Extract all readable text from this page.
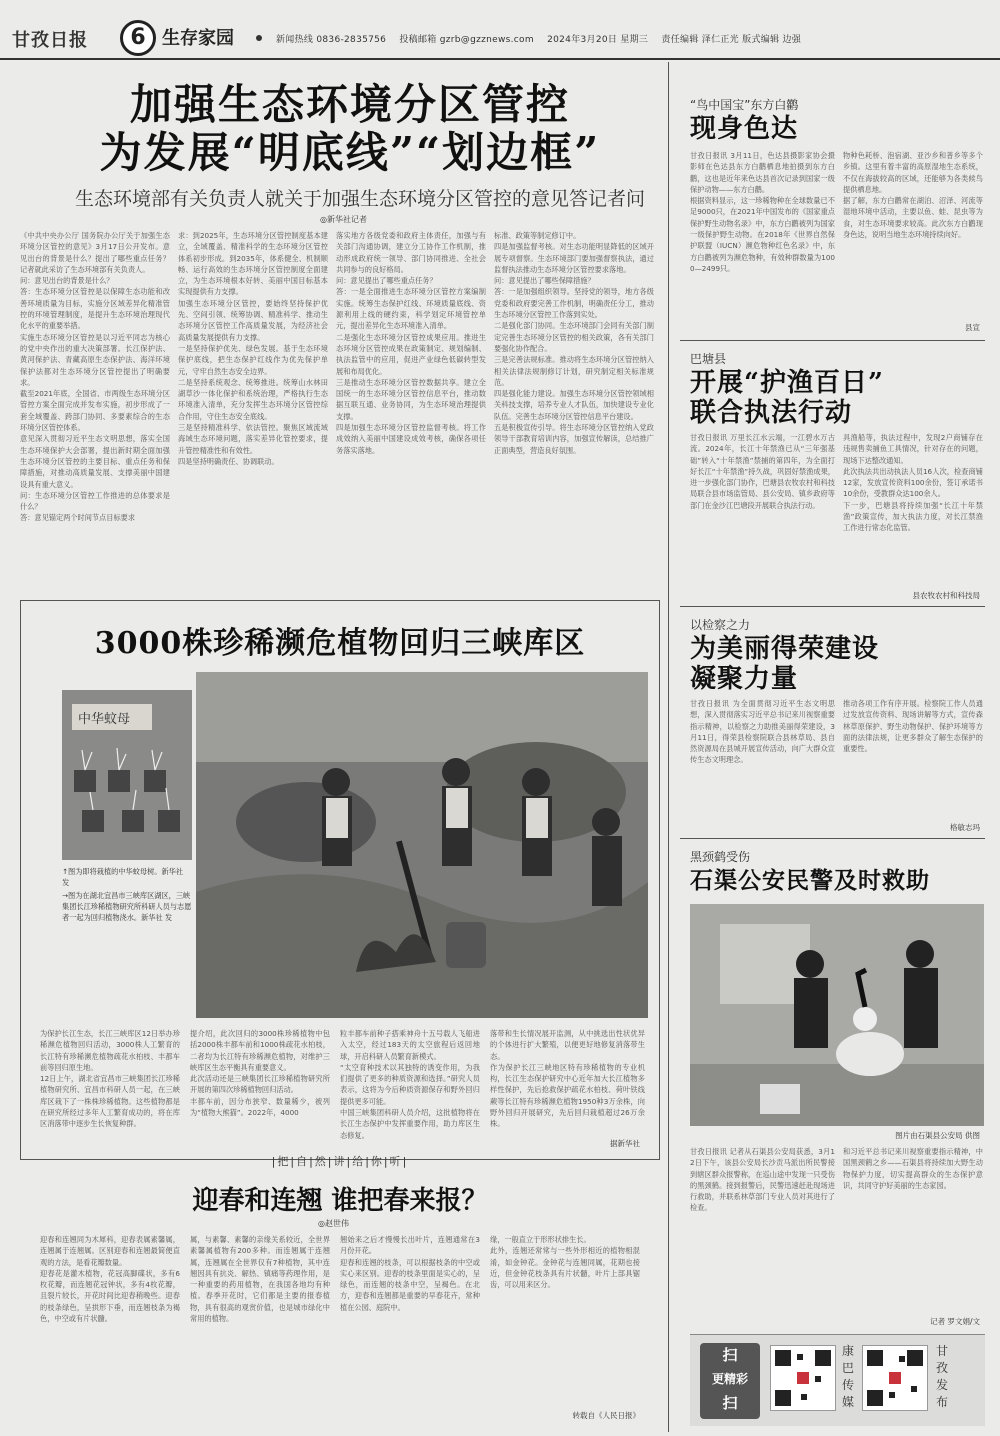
甘孜日报	6 生存家园	新闻热线 0836-2835756 投稿邮箱 gzrb@gzznews.com 2024年3月20日 星期三 责任编辑 泽仁正光 版式编辑 边强
加强生态环境分区管控
为发展“明底线”“划边框”
生态环境部有关负责人就关于加强生态环境分区管控的意见答记者问
◎新华社记者
《中共中央办公厅 国务院办公厅关于加强生态环境分区管控的意见》3月17日公开发布。意见出台的背景是什么？提出了哪些重点任务？记者就此采访了生态环境部有关负责人。
问：意见出台的背景是什么？
答：生态环境分区管控是以保障生态功能和改善环境质量为目标，实施分区域差异化精准管控的环境管理制度，是提升生态环境治理现代化水平的重要举措。
实施生态环境分区管控是以习近平同志为核心的党中央作出的重大决策部署。长江保护法、黄河保护法、青藏高原生态保护法、海洋环境保护法都对生态环境分区管控提出了明确要求。
截至2021年底，全国省、市两级生态环境分区管控方案全面完成并发布实施，初步形成了一套全域覆盖、跨部门协同、多要素综合的生态环境分区管控体系。
意见深入贯彻习近平生态文明思想，落实全国生态环境保护大会部署，提出新时期全面加强生态环境分区管控的主要目标、重点任务和保障措施，对推动高质量发展、支撑美丽中国建设具有重大意义。
问：生态环境分区管控工作推进的总体要求是什么？
答：意见锚定两个时间节点目标要求
求：到2025年，生态环境分区管控制度基本建立，全域覆盖、精准科学的生态环境分区管控体系初步形成。到2035年，体系健全、机制顺畅、运行高效的生态环境分区管控制度全面建立，为生态环境根本好转、美丽中国目标基本实现提供有力支撑。
加强生态环境分区管控，要始终坚持保护优先、空间引领、统筹协调、精准科学、推动生态环境分区管控工作高质量发展，为经济社会高质量发展提供有力支撑。
一是坚持保护优先、绿色发展。基于生态环境保护底线，把生态保护红线作为优先保护单元，守牢自然生态安全边界。
二是坚持系统观念、统筹推进。统筹山水林田湖草沙一体化保护和系统治理，严格执行生态环境准入清单，充分发挥生态环境分区管控综合作用，守住生态安全底线。
三是坚持精准科学、依法管控。聚焦区域流域海域生态环境问题，落实差异化管控要求，提升管控精准性和有效性。
四是坚持明确责任、协调联动。
落实地方各级党委和政府主体责任，加强与有关部门沟通协调，建立分工协作工作机制，推动形成政府统一领导、部门协同推进、全社会共同参与的良好格局。
问：意见提出了哪些重点任务？
答：一是全面推进生态环境分区管控方案编制实施。统筹生态保护红线、环境质量底线、资源利用上线的硬约束，科学划定环境管控单元，提出差异化生态环境准入清单。
二是强化生态环境分区管控成果应用。推进生态环境分区管控成果在政策制定、规划编制、执法监管中的应用，促进产业绿色低碳转型发展和布局优化。
三是推动生态环境分区管控数据共享。建立全国统一的生态环境分区管控信息平台，推动数据互联互通、业务协同，为生态环境治理提供支撑。
四是加强生态环境分区管控监督考核。将工作成效纳入美丽中国建设成效考核，确保各项任务落实落地。
标准、政策等制定修订中。
四是加强监督考核。对生态功能明显降低的区域开展专项督察。生态环境部门要加强督察执法，通过监督执法推动生态环境分区管控要求落地。
问：意见提出了哪些保障措施？
答：一是加强组织领导。坚持党的领导，地方各级党委和政府要完善工作机制，明确责任分工，推动生态环境分区管控工作落到实处。
二是强化部门协同。生态环境部门会同有关部门制定完善生态环境分区管控的相关政策，各有关部门要强化协作配合。
三是完善法规标准。推动将生态环境分区管控纳入相关法律法规制修订计划，研究制定相关标准规范。
四是强化能力建设。加强生态环境分区管控领域相关科技支撑，培养专业人才队伍，加快建设专业化队伍。完善生态环境分区管控信息平台建设。
五是积极宣传引导。将生态环境分区管控纳入党政领导干部教育培训内容，加强宣传解读，总结推广正面典型，营造良好氛围。
3000株珍稀濒危植物回归三峡库区
中华蚊母
↑图为即将栽植的中华蚊母树。新华社 发
→图为在湖北宜昌市三峡库区湖区，三峡集团长江珍稀植物研究所科研人员与志愿者一起为回归植物浇水。新华社 发
为保护长江生态，长江三峡库区12日举办珍稀濒危植物回归活动，3000株人工繁育的长江特有珍稀濒危植物疏花水柏枝、丰都车前等回归原生地。
12日上午，湖北省宜昌市三峡集团长江珍稀植物研究所、宜昌市科研人员一起，在三峡库区栽下了一株株珍稀植物。这些植物都是在研究所经过多年人工繁育成功的，将在库区消落带中逐步生长恢复种群。
提介绍，此次回归的3000株珍稀植物中包括2000株丰都车前和1000株疏花水柏枝，二者均为长江特有珍稀濒危植物，对维护三峡库区生态平衡具有重要意义。
此次活动还是三峡集团长江珍稀植物研究所开展的第四次珍稀植物回归活动。
丰都车前，因分布狭窄、数量稀少，被列为“植物大熊猫”。2022年，4000
粒丰都车前种子搭乘神舟十五号载人飞船进入太空，经过183天的太空旅程后返回地球，开启科研人员繁育新模式。
“太空育种技术以其独特的诱变作用，为我们提供了更多的种质资源和选择。”研究人员表示，这将为今后种质资源保存和野外回归提供更多可能。
中国三峡集团科研人员介绍，这批植物将在长江生态保护中发挥重要作用，助力库区生态修复。
落带和生长情况展开监测，从中挑选出性状优异的个体进行扩大繁殖，以便更好地修复消落带生态。
作为保护长江三峡地区特有珍稀植物的专业机构，长江生态保护研究中心近年加大长江植物多样性保护，先后抢救保护疏花水柏枝、荷叶铁线蕨等长江特有珍稀濒危植物1950种3万余株，向野外回归开展研究，先后回归栽植超过26万余株。
据新华社
|把|自|然|讲|给|你|听|
迎春和连翘 谁把春来报？
◎赵世伟
迎春和连翘同为木犀科，迎春表属素馨属，连翘属于连翘属。区别迎春和连翘最简便直观的方法，是看花瓣数量。
迎春花是灌木植物，花冠高脚碟状，多有6枚花瓣，而连翘花冠钟状，多有4枚花瓣，且裂片较长，开花时间比迎春稍晚些。迎春的枝条绿色，呈拱形下垂，而连翘枝条为褐色，中空或有片状髓。
属，与素馨、素馨的亲缘关系较近，全世界素馨属植物有200多种。而连翘属于连翘属，连翘属在全世界仅有7种植物，其中连翘因具有抗炎、解热、镇痛等药理作用，是一种重要的药用植物，在我国各地均有种植。春季开花时，它们都是主要的报春植物，具有很高的观赏价值，也是城市绿化中常用的植物。
翘始来之后才慢慢长出叶片，连翘通常在3月份开花。
迎春和连翘的枝条，可以根据枝条的中空或实心来区别。迎春的枝条里面是实心的，呈绿色，而连翘的枝条中空，呈褐色。在北方，迎春和连翘都是重要的早春花卉，常种植在公园、庭院中。
缘，一般直立于形形状排生长。
此外，连翘还常常与一些外形相近的植物相混淆，如金钟花。金钟花与连翘同属，花期也接近，但金钟花枝条具有片状髓，叶片上部具锯齿，可以用来区分。
转载自《人民日报》
“鸟中国宝”东方白鹳
现身色达
甘孜日报讯 3月11日，色达县摄影家协会摄影师在色达县东方白鹳栖息地拍摄到东方白鹳，这也是近年来色达县首次记录到国家一级保护动物——东方白鹳。
根据资料显示，这一珍稀物种在全球数量已不足9000只，在2021年中国发布的《国家重点保护野生动物名录》中，东方白鹳被列为国家一级保护野生动物。在2018年《世界自然保护联盟（IUCN）濒危物种红色名录》中，东方白鹳被列为濒危物种，有效种群数量为1000—2499只。
物种色耗桥、泡宿湖、亚沙乡和普乡等多个乡镇。这里有着丰富的高原湿地生态系统，不仅在海拔较高的区域，还能够为各类候鸟提供栖息地。
据了解，东方白鹳常在湖泊、沼泽、河流等湿地环境中活动，主要以鱼、蛙、昆虫等为食，对生态环境要求较高。此次东方白鹳现身色达，说明当地生态环境持续向好。
县宣
巴塘县
开展“护渔百日”
联合执法行动
甘孜日报讯 万里长江水云端，一江碧水万古流。2024年，长江十年禁渔已从“三年强基础”转入“十年禁渔”禁捕的第四年，为全面打好长江“十年禁渔”持久战，巩固好禁渔成果，进一步强化部门协作，巴塘县农牧农村和科技局联合县市场监管局、县公安局、镇乡政府等部门在金沙江巴塘段开展联合执法行动。
具渔船等，执法过程中，发现2户商铺存在违规售卖捕鱼工具情况，针对存在的问题，现场下达整改通知。
此次执法共出动执法人员16人次，检查商铺12家，发放宣传资料100余份，签订承诺书10余份，受教群众达100余人。
下一步，巴塘县将持续加强“长江十年禁渔”政策宣传，加大执法力度，对长江禁渔工作进行常态化监管。
县农牧农村和科技局
以检察之力
为美丽得荣建设
凝聚力量
甘孜日报讯 为全面贯彻习近平生态文明思想，深入贯彻落实习近平总书记来川视察重要指示精神，以检察之力助推美丽得荣建设，3月11日，得荣县检察院联合县林草局、县自然资源局在县城开展宣传活动，向广大群众宣传生态文明理念。
推动各项工作有序开展。检察院工作人员通过发放宣传资料、现场讲解等方式，宣传森林草原保护、野生动物保护、保护环境等方面的法律法规，让更多群众了解生态保护的重要性。
格敏志玛
黑颈鹤受伤
石渠公安民警及时救助
图片由石渠县公安局 供图
甘孜日报讯 记者从石渠县公安局获悉，3月12日下午，该县公安局长沙贡马派出所民警接到辖区群众报警称，在巡山途中发现一只受伤的黑颈鹤。接到报警后，民警迅速赶赴现场进行救助，并联系林草部门专业人员对其进行了检查。
和习近平总书记来川视察重要指示精神，中国黑颈鹤之乡——石渠县将持续加大野生动物保护力度，切实提高群众的生态保护意识，共同守护好美丽的生态家园。
记者 罗文娟/文
扫
更精彩
扫
康巴传媒
甘孜发布
